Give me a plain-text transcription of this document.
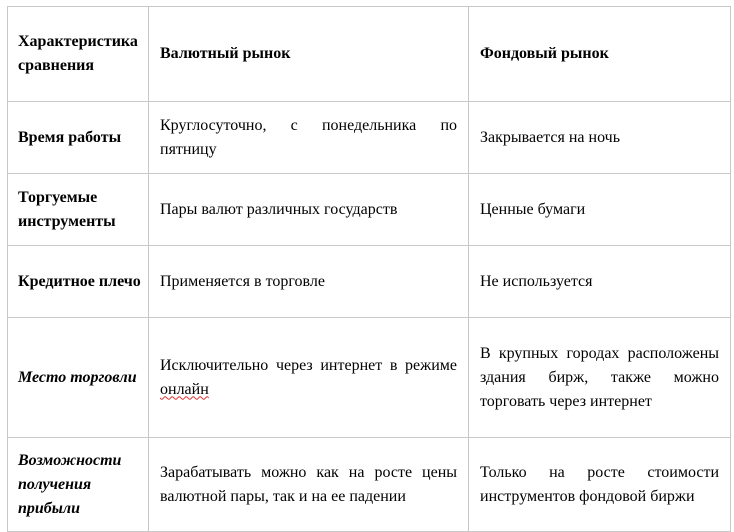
Характеристика сравнения	Валютный рынок	Фондовый рынок
Время работы	Круглосуточно, с понедельника по пятницу	Закрывается на ночь
Торгуемые инструменты	Пары валют различных государств	Ценные бумаги
Кредитное плечо	Применяется в торговле	Не используется
Место торговли	Исключительно через интернет в режиме онлайн	В крупных городах расположены здания бирж, также можно торговать через интернет
Возможности получения прибыли	Зарабатывать можно как на росте цены валютной пары, так и на ее падении	Только на росте стоимости инструментов фондовой биржи
